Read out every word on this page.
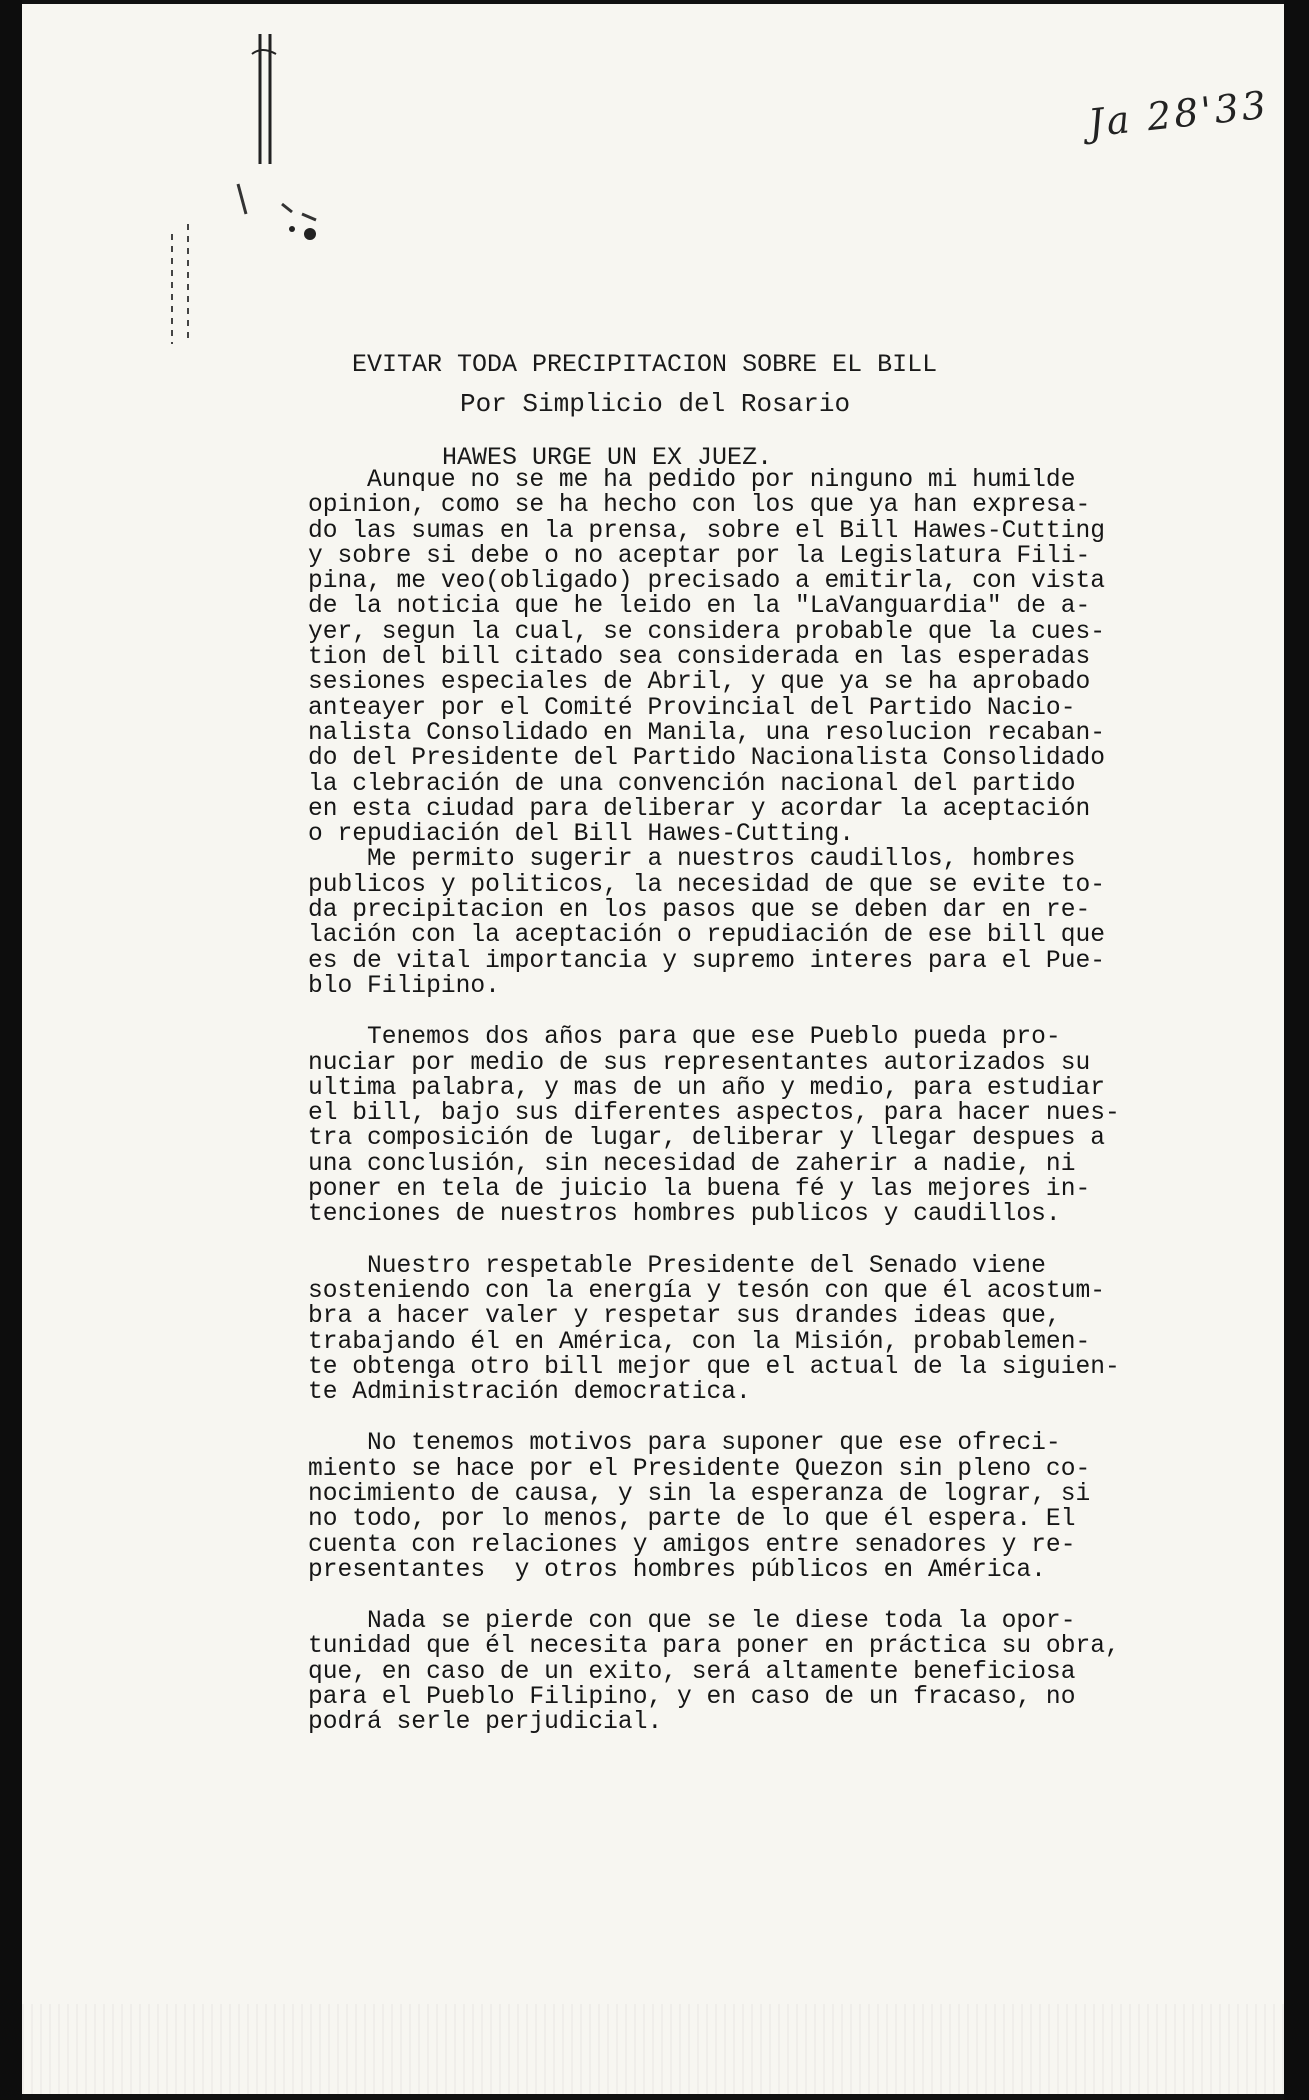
Ja 28'33

EVITAR TODA PRECIPITACION SOBRE EL BILL

HAWES URGE UN EX JUEZ.

Por Simplicio del Rosario
Aunque no se me ha pedido por ninguno mi humilde
opinion, como se ha hecho con los que ya han expresa-
do las sumas en la prensa, sobre el Bill Hawes-Cutting
y sobre si debe o no aceptar por la Legislatura Fili-
pina, me veo(obligado) precisado a emitirla, con vista
de la noticia que he leido en la "LaVanguardia" de a-
yer, segun la cual, se considera probable que la cues-
tion del bill citado sea considerada en las esperadas
sesiones especiales de Abril, y que ya se ha aprobado
anteayer por el Comité Provincial del Partido Nacio-
nalista Consolidado en Manila, una resolucion recaban-
do del Presidente del Partido Nacionalista Consolidado
la clebración de una convención nacional del partido
en esta ciudad para deliberar y acordar la aceptación
o repudiación del Bill Hawes-Cutting.
Me permito sugerir a nuestros caudillos, hombres
publicos y politicos, la necesidad de que se evite to-
da precipitacion en los pasos que se deben dar en re-
lación con la aceptación o repudiación de ese bill que
es de vital importancia y supremo interes para el Pue-
blo Filipino.
Tenemos dos años para que ese Pueblo pueda pro-
nuciar por medio de sus representantes autorizados su
ultima palabra, y mas de un año y medio, para estudiar
el bill, bajo sus diferentes aspectos, para hacer nues-
tra composición de lugar, deliberar y llegar despues a
una conclusión, sin necesidad de zaherir a nadie, ni
poner en tela de juicio la buena fé y las mejores in-
tenciones de nuestros hombres publicos y caudillos.
Nuestro respetable Presidente del Senado viene
sosteniendo con la energía y tesón con que él acostum-
bra a hacer valer y respetar sus drandes ideas que,
trabajando él en América, con la Misión, probablemen-
te obtenga otro bill mejor que el actual de la siguien-
te Administración democratica.
No tenemos motivos para suponer que ese ofreci-
miento se hace por el Presidente Quezon sin pleno co-
nocimiento de causa, y sin la esperanza de lograr, si
no todo, por lo menos, parte de lo que él espera. El
cuenta con relaciones y amigos entre senadores y re-
presentantes  y otros hombres públicos en América.
Nada se pierde con que se le diese toda la opor-
tunidad que él necesita para poner en práctica su obra,
que, en caso de un exito, será altamente beneficiosa
para el Pueblo Filipino, y en caso de un fracaso, no
podrá serle perjudicial.
